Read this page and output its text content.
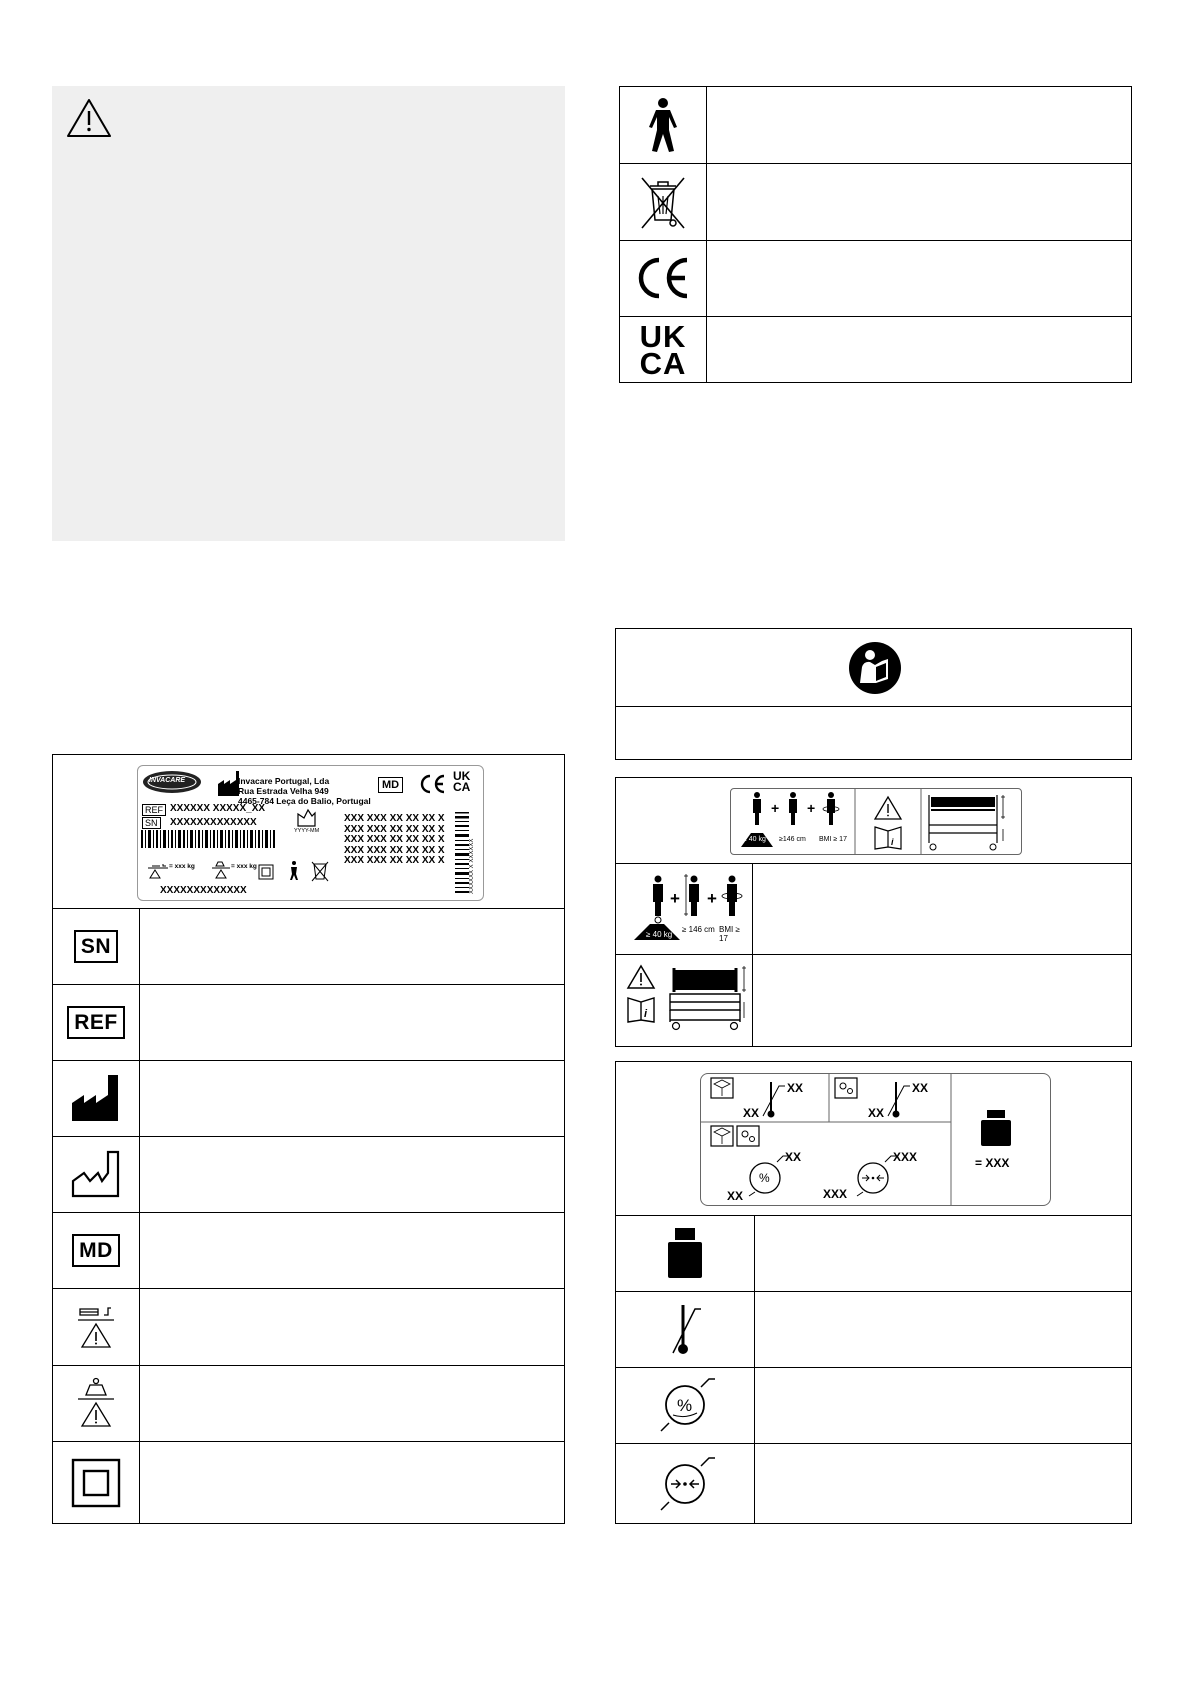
Invacare Portugal, Lda
Rua Estrada Velha 949
4465-784 Leça do Balio, Portugal
INVACARE	MD
UK
CA
REF XXXXXX XXXXX_XX
SN	XXXXXXXXXXXXX
YYYY-MM
XXX XXX XX XX XX X
XXX XXX XX XX XX X
XXX XXX XX XX XX X
XXX XXX XX XX XX X
XXX XXX XX XX XX X	XXXXXX X XXXXXX
= xxx kg	= xxx kg
XXXXXXXXXXXXX
SN
REF
MD
UK
CA
+ +
i
≥ 40 kg ≥146 cm BMI ≥ 17
+ +
≥ 40 kg
≥ 146 cm BMI ≥ 17
i
%
XX
XX
XX
XX
XX
XX
XXX
XXX
= XXX
%
